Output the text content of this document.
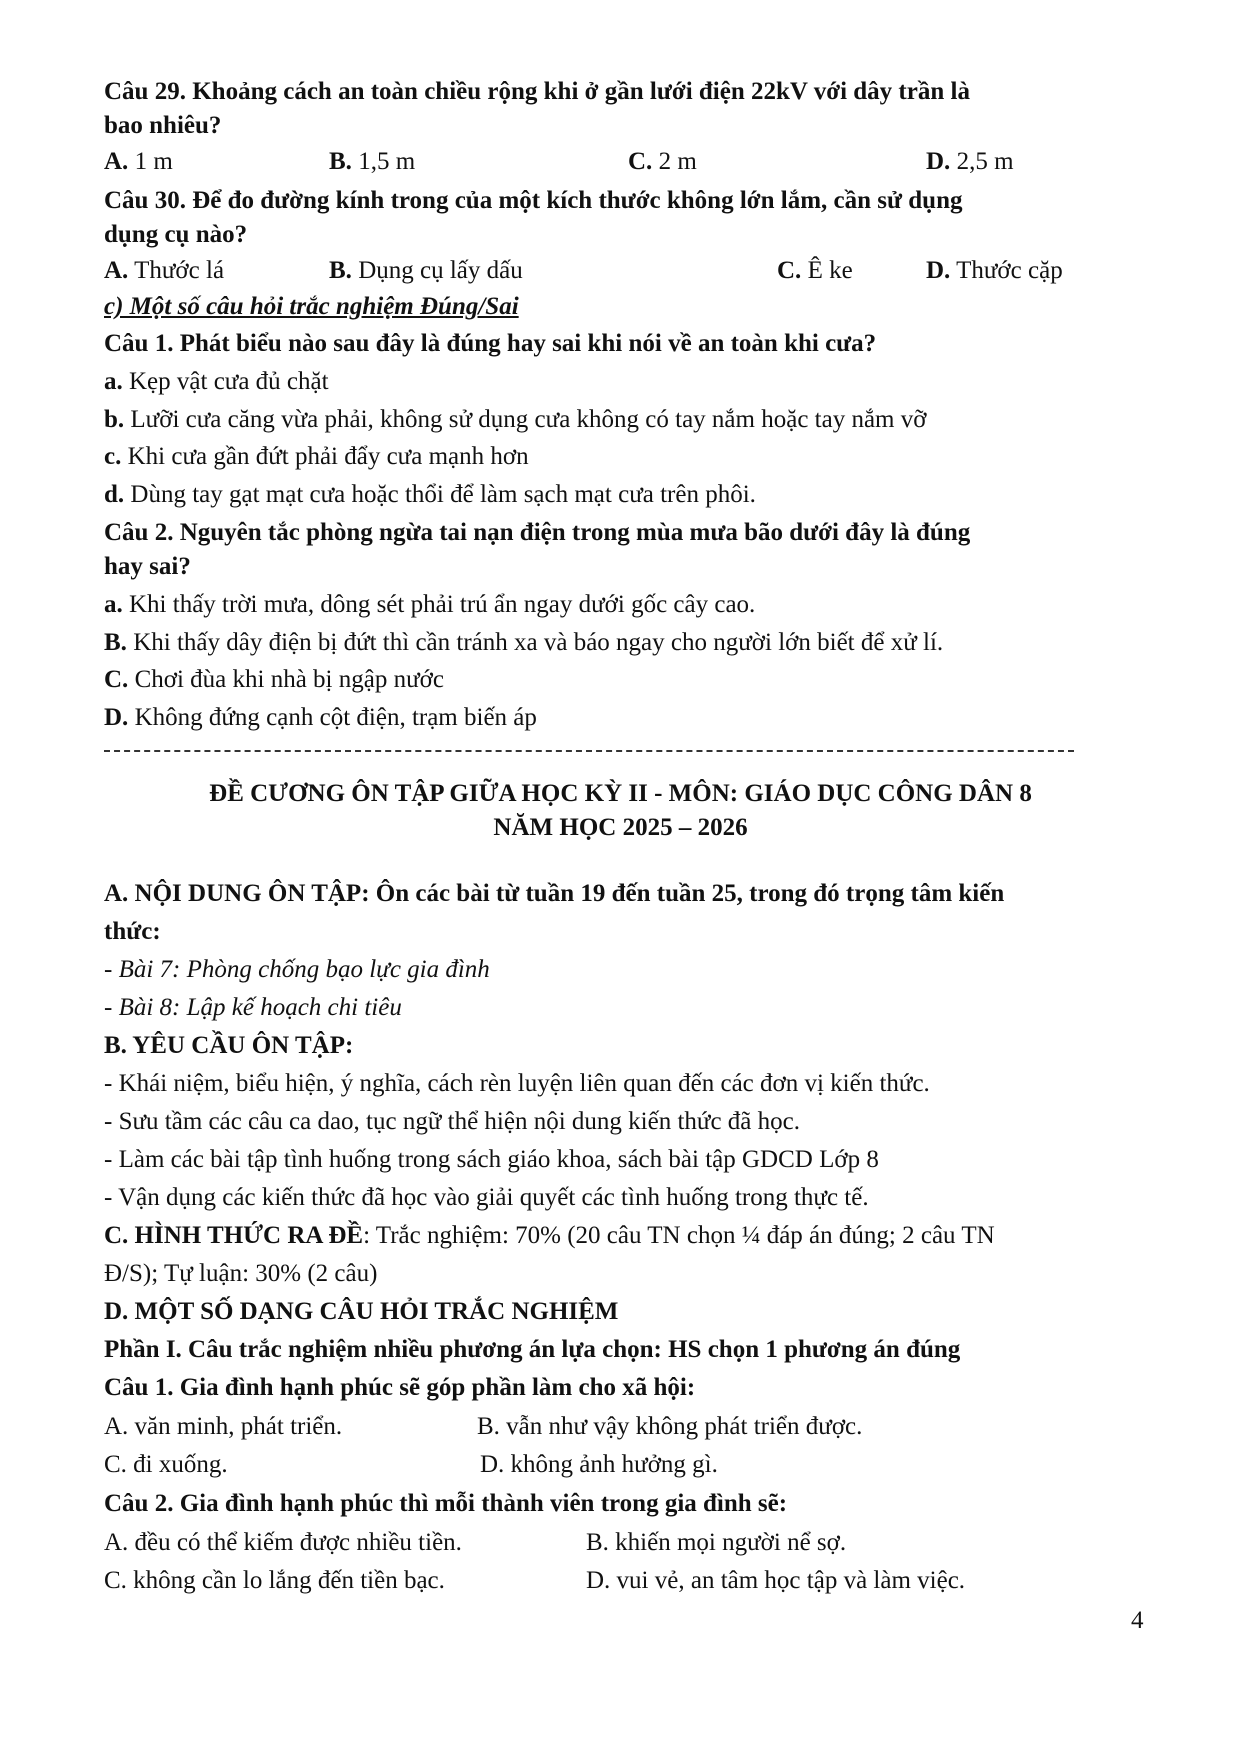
Câu 29. Khoảng cách an toàn chiều rộng khi ở gần lưới điện 22kV với dây trần là
bao nhiêu?
A. 1 m	B. 1,5 m	C. 2 m	D. 2,5 m
Câu 30. Để đo đường kính trong của một kích thước không lớn lắm, cần sử dụng
dụng cụ nào?
A. Thước lá	B. Dụng cụ lấy dấu	C. Ê ke	D. Thước cặp
c) Một số câu hỏi trắc nghiệm Đúng/Sai
Câu 1. Phát biểu nào sau đây là đúng hay sai khi nói về an toàn khi cưa?
a. Kẹp vật cưa đủ chặt
b. Lưỡi cưa căng vừa phải, không sử dụng cưa không có tay nắm hoặc tay nắm vỡ
c. Khi cưa gần đứt phải đẩy cưa mạnh hơn
d. Dùng tay gạt mạt cưa hoặc thổi để làm sạch mạt cưa trên phôi.
Câu 2. Nguyên tắc phòng ngừa tai nạn điện trong mùa mưa bão dưới đây là đúng
hay sai?
a. Khi thấy trời mưa, dông sét phải trú ẩn ngay dưới gốc cây cao.
B. Khi thấy dây điện bị đứt thì cần tránh xa và báo ngay cho người lớn biết để xử lí.
C. Chơi đùa khi nhà bị ngập nước
D. Không đứng cạnh cột điện, trạm biến áp
ĐỀ CƯƠNG ÔN TẬP GIỮA HỌC KỲ II - MÔN: GIÁO DỤC CÔNG DÂN 8
NĂM HỌC 2025 – 2026
A. NỘI DUNG ÔN TẬP: Ôn các bài từ tuần 19 đến tuần 25, trong đó trọng tâm kiến
thức:
- Bài 7: Phòng chống bạo lực gia đình
- Bài 8: Lập kế hoạch chi tiêu
B. YÊU CẦU ÔN TẬP:
- Khái niệm, biểu hiện, ý nghĩa, cách rèn luyện liên quan đến các đơn vị kiến thức.
- Sưu tầm các câu ca dao, tục ngữ thể hiện nội dung kiến thức đã học.
- Làm các bài tập tình huống trong sách giáo khoa, sách bài tập GDCD Lớp 8
- Vận dụng các kiến thức đã học vào giải quyết các tình huống trong thực tế.
C. HÌNH THỨC RA ĐỀ: Trắc nghiệm: 70% (20 câu TN chọn ¼ đáp án đúng; 2 câu TN
Đ/S); Tự luận: 30% (2 câu)
D. MỘT SỐ DẠNG CÂU HỎI TRẮC NGHIỆM
Phần I. Câu trắc nghiệm nhiều phương án lựa chọn: HS chọn 1 phương án đúng
Câu 1. Gia đình hạnh phúc sẽ góp phần làm cho xã hội:
A. văn minh, phát triển.	B. vẫn như vậy không phát triển được.
C. đi xuống.	D. không ảnh hưởng gì.
Câu 2. Gia đình hạnh phúc thì mỗi thành viên trong gia đình sẽ:
A. đều có thể kiếm được nhiều tiền.	B. khiến mọi người nể sợ.
C. không cần lo lắng đến tiền bạc.	D. vui vẻ, an tâm học tập và làm việc.
4
